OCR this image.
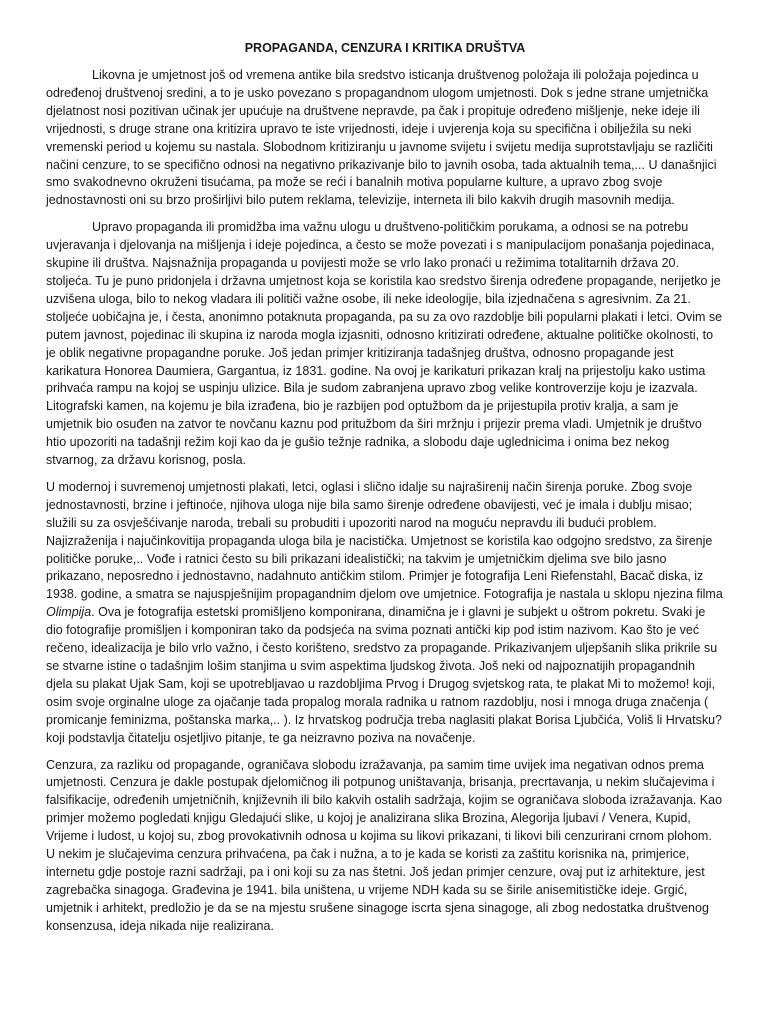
PROPAGANDA, CENZURA I KRITIKA DRUŠTVA

Likovna je umjetnost još od vremena antike bila sredstvo isticanja društvenog položaja ili položaja pojedinca u određenoj društvenoj sredini, a to je usko povezano s propagandnom ulogom umjetnosti. Dok s jedne strane umjetnička djelatnost nosi pozitivan učinak jer upućuje na društvene nepravde, pa čak i propituje određeno mišljenje, neke ideje ili vrijednosti, s druge strane ona kritizira upravo te iste vrijednosti, ideje i uvjerenja koja su specifična i obilježila su neki vremenski period u kojemu su nastala. Slobodnom kritiziranju u javnome svijetu i svijetu medija suprotstavljaju se različiti načini cenzure, to se specifično odnosi na negativno prikazivanje bilo to javnih osoba, tada aktualnih tema,... U današnjici smo svakodnevno okruženi tisućama, pa može se reći i banalnih motiva popularne kulture, a upravo zbog svoje jednostavnosti oni su brzo proširljivi bilo putem reklama, televizije, interneta ili bilo kakvih drugih masovnih medija.

Upravo propaganda ili promidžba ima važnu ulogu u društveno-političkim porukama, a odnosi se na potrebu uvjeravanja i djelovanja na mišljenja i ideje pojedinca, a često se može povezati i s manipulacijom ponašanja pojedinaca, skupine ili društva. Najsnažnija propaganda u povijesti može se vrlo lako pronaći u režimima totalitarnih država 20. stoljeća. Tu je puno pridonjela i državna umjetnost koja se koristila kao sredstvo širenja određene propagande, nerijetko je uzvišena uloga, bilo to nekog vladara ili političi važne osobe, ili neke ideologije, bila izjednačena s agresivnim. Za 21. stoljeće uobičajna je, i česta, anonimno potaknuta propaganda, pa su za ovo razdoblje bili popularni plakati i letci. Ovim se putem javnost, pojedinac ili skupina iz naroda mogla izjasniti, odnosno kritizirati određene, aktualne političke okolnosti, to je oblik negativne propagandne poruke. Još jedan primjer kritiziranja tadašnjeg društva, odnosno propagande jest karikatura Honorea Daumiera, Gargantua, iz 1831. godine. Na ovoj je karikaturi prikazan kralj na prijestolju kako ustima prihvaća rampu na kojoj se uspinju ulizice. Bila je sudom zabranjena upravo zbog velike kontroverzije koju je izazvala. Litografski kamen, na kojemu je bila izrađena, bio je razbijen pod optužbom da je prijestupila protiv kralja, a sam je umjetnik bio osuđen na zatvor te novčanu kaznu pod pritužbom da širi mržnju i prijezir prema vladi. Umjetnik je društvo htio upozoriti na tadašnji režim koji kao da je gušio težnje radnika, a slobodu daje uglednicima i onima bez nekog stvarnog, za državu korisnog, posla.

U modernoj i suvremenoj umjetnosti plakati, letci, oglasi i slično idalje su najraširenij način širenja poruke. Zbog svoje jednostavnosti, brzine i jeftinoće, njihova uloga nije bila samo širenje određene obavijesti, već je imala i dublju misao; služili su za osvješćivanje naroda, trebali su probuditi i upozoriti narod na moguću nepravdu ili budući problem. Najizraženija i najučinkovitija propaganda uloga bila je nacistička. Umjetnost se koristila kao odgojno sredstvo, za širenje političke poruke,.. Vođe i ratnici često su bili prikazani idealistički; na takvim je umjetničkim djelima sve bilo jasno prikazano, neposredno i jednostavno, nadahnuto antičkim stilom. Primjer je fotografija Leni Riefenstahl, Bacač diska, iz 1938. godine, a smatra se najuspješnijim propagandnim djelom ove umjetnice. Fotografija je nastala u sklopu njezina filma Olimpija. Ova je fotografija estetski promišljeno komponirana, dinamična je i glavni je subjekt u oštrom pokretu. Svaki je dio fotografije promišljen i komponiran tako da podsjeća na svima poznati antički kip pod istim nazivom. Kao što je već rečeno, idealizacija je bilo vrlo važno, i često korišteno, sredstvo za propagande. Prikazivanjem uljepšanih slika prikrile su se stvarne istine o tadašnjim lošim stanjima u svim aspektima ljudskog života. Još neki od najpoznatijih propagandnih djela su plakat Ujak Sam, koji se upotrebljavao u razdobljima Prvog i Drugog svjetskog rata, te plakat Mi to možemo! koji, osim svoje orginalne uloge za ojačanje tada propalog morala radnika u ratnom razdoblju, nosi i mnoga druga značenja ( promicanje feminizma, poštanska marka,.. ). Iz hrvatskog područja treba naglasiti plakat Borisa Ljubčića, Voliš li Hrvatsku? koji podstavlja čitatelju osjetljivo pitanje, te ga neizravno poziva na novačenje.

Cenzura, za razliku od propagande, ograničava slobodu izražavanja, pa samim time uvijek ima negativan odnos prema umjetnosti. Cenzura je dakle postupak djelomičnog ili potpunog uništavanja, brisanja, precrtavanja, u nekim slučajevima i falsifikacije, određenih umjetničnih, književnih ili bilo kakvih ostalih sadržaja, kojim se ograničava sloboda izražavanja. Kao primjer možemo pogledati knjigu Gledajući slike, u kojoj je analizirana slika Brozina, Alegorija ljubavi / Venera, Kupid, Vrijeme i ludost, u kojoj su, zbog provokativnih odnosa u kojima su likovi prikazani, ti likovi bili cenzurirani crnom plohom. U nekim je slučajevima cenzura prihvaćena, pa čak i nužna, a to je kada se koristi za zaštitu korisnika na, primjerice, internetu gdje postoje razni sadržaji, pa i oni koji su za nas štetni. Još jedan primjer cenzure, ovaj put iz arhitekture, jest zagrebačka sinagoga. Građevina je 1941. bila uništena, u vrijeme NDH kada su se širile anisemitističke ideje. Grgić, umjetnik i arhitekt, predložio je da se na mjestu srušene sinagoge iscrta sjena sinagoge, ali zbog nedostatka društvenog konsenzusa, ideja nikada nije realizirana.
